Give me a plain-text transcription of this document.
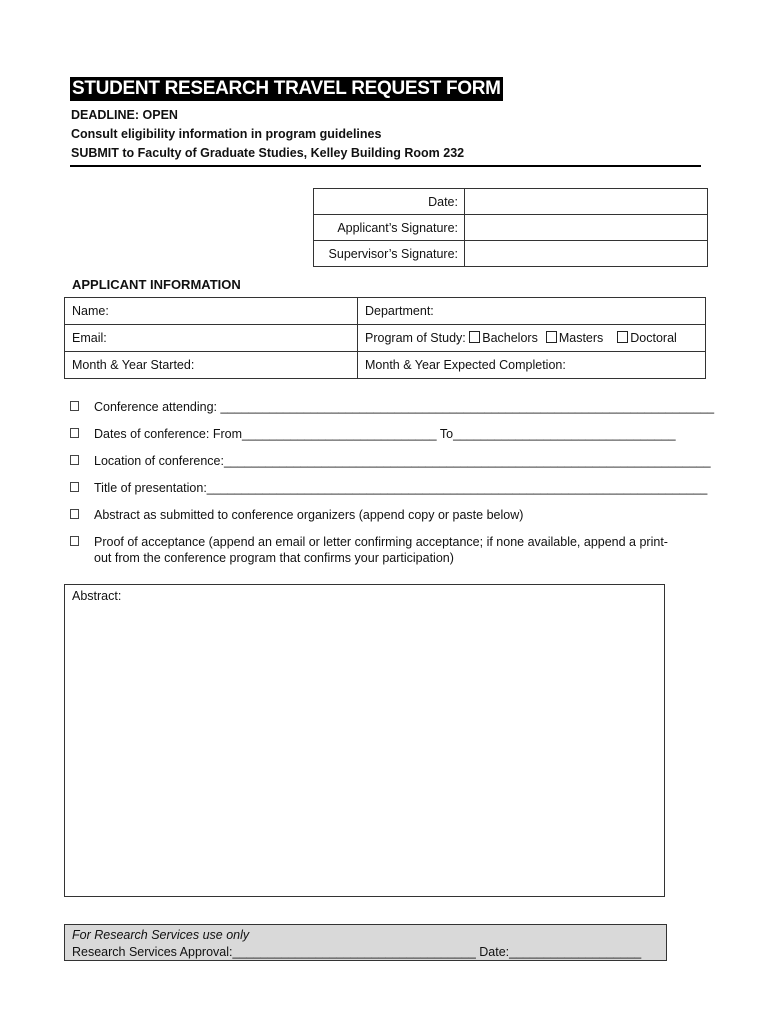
STUDENT RESEARCH TRAVEL REQUEST FORM
DEADLINE: OPEN
Consult eligibility information in program guidelines
SUBMIT to Faculty of Graduate Studies, Kelley Building Room 232
Date:	
Applicant’s Signature:	
Supervisor’s Signature:	
APPLICANT INFORMATION
Name:	Department:
Email:	Program of Study: Bachelors Masters Doctoral
Month & Year Started:	Month & Year Expected Completion:
Conference attending: _______________________________________________________________________
Dates of conference: From____________________________ To________________________________
Location of conference:______________________________________________________________________
Title of presentation:________________________________________________________________________
Abstract as submitted to conference organizers (append copy or paste below)
Proof of acceptance (append an email or letter confirming acceptance; if none available, append a print-
out from the conference program that confirms your participation)
Abstract:
For Research Services use only
Research Services Approval:___________________________________ Date:___________________
